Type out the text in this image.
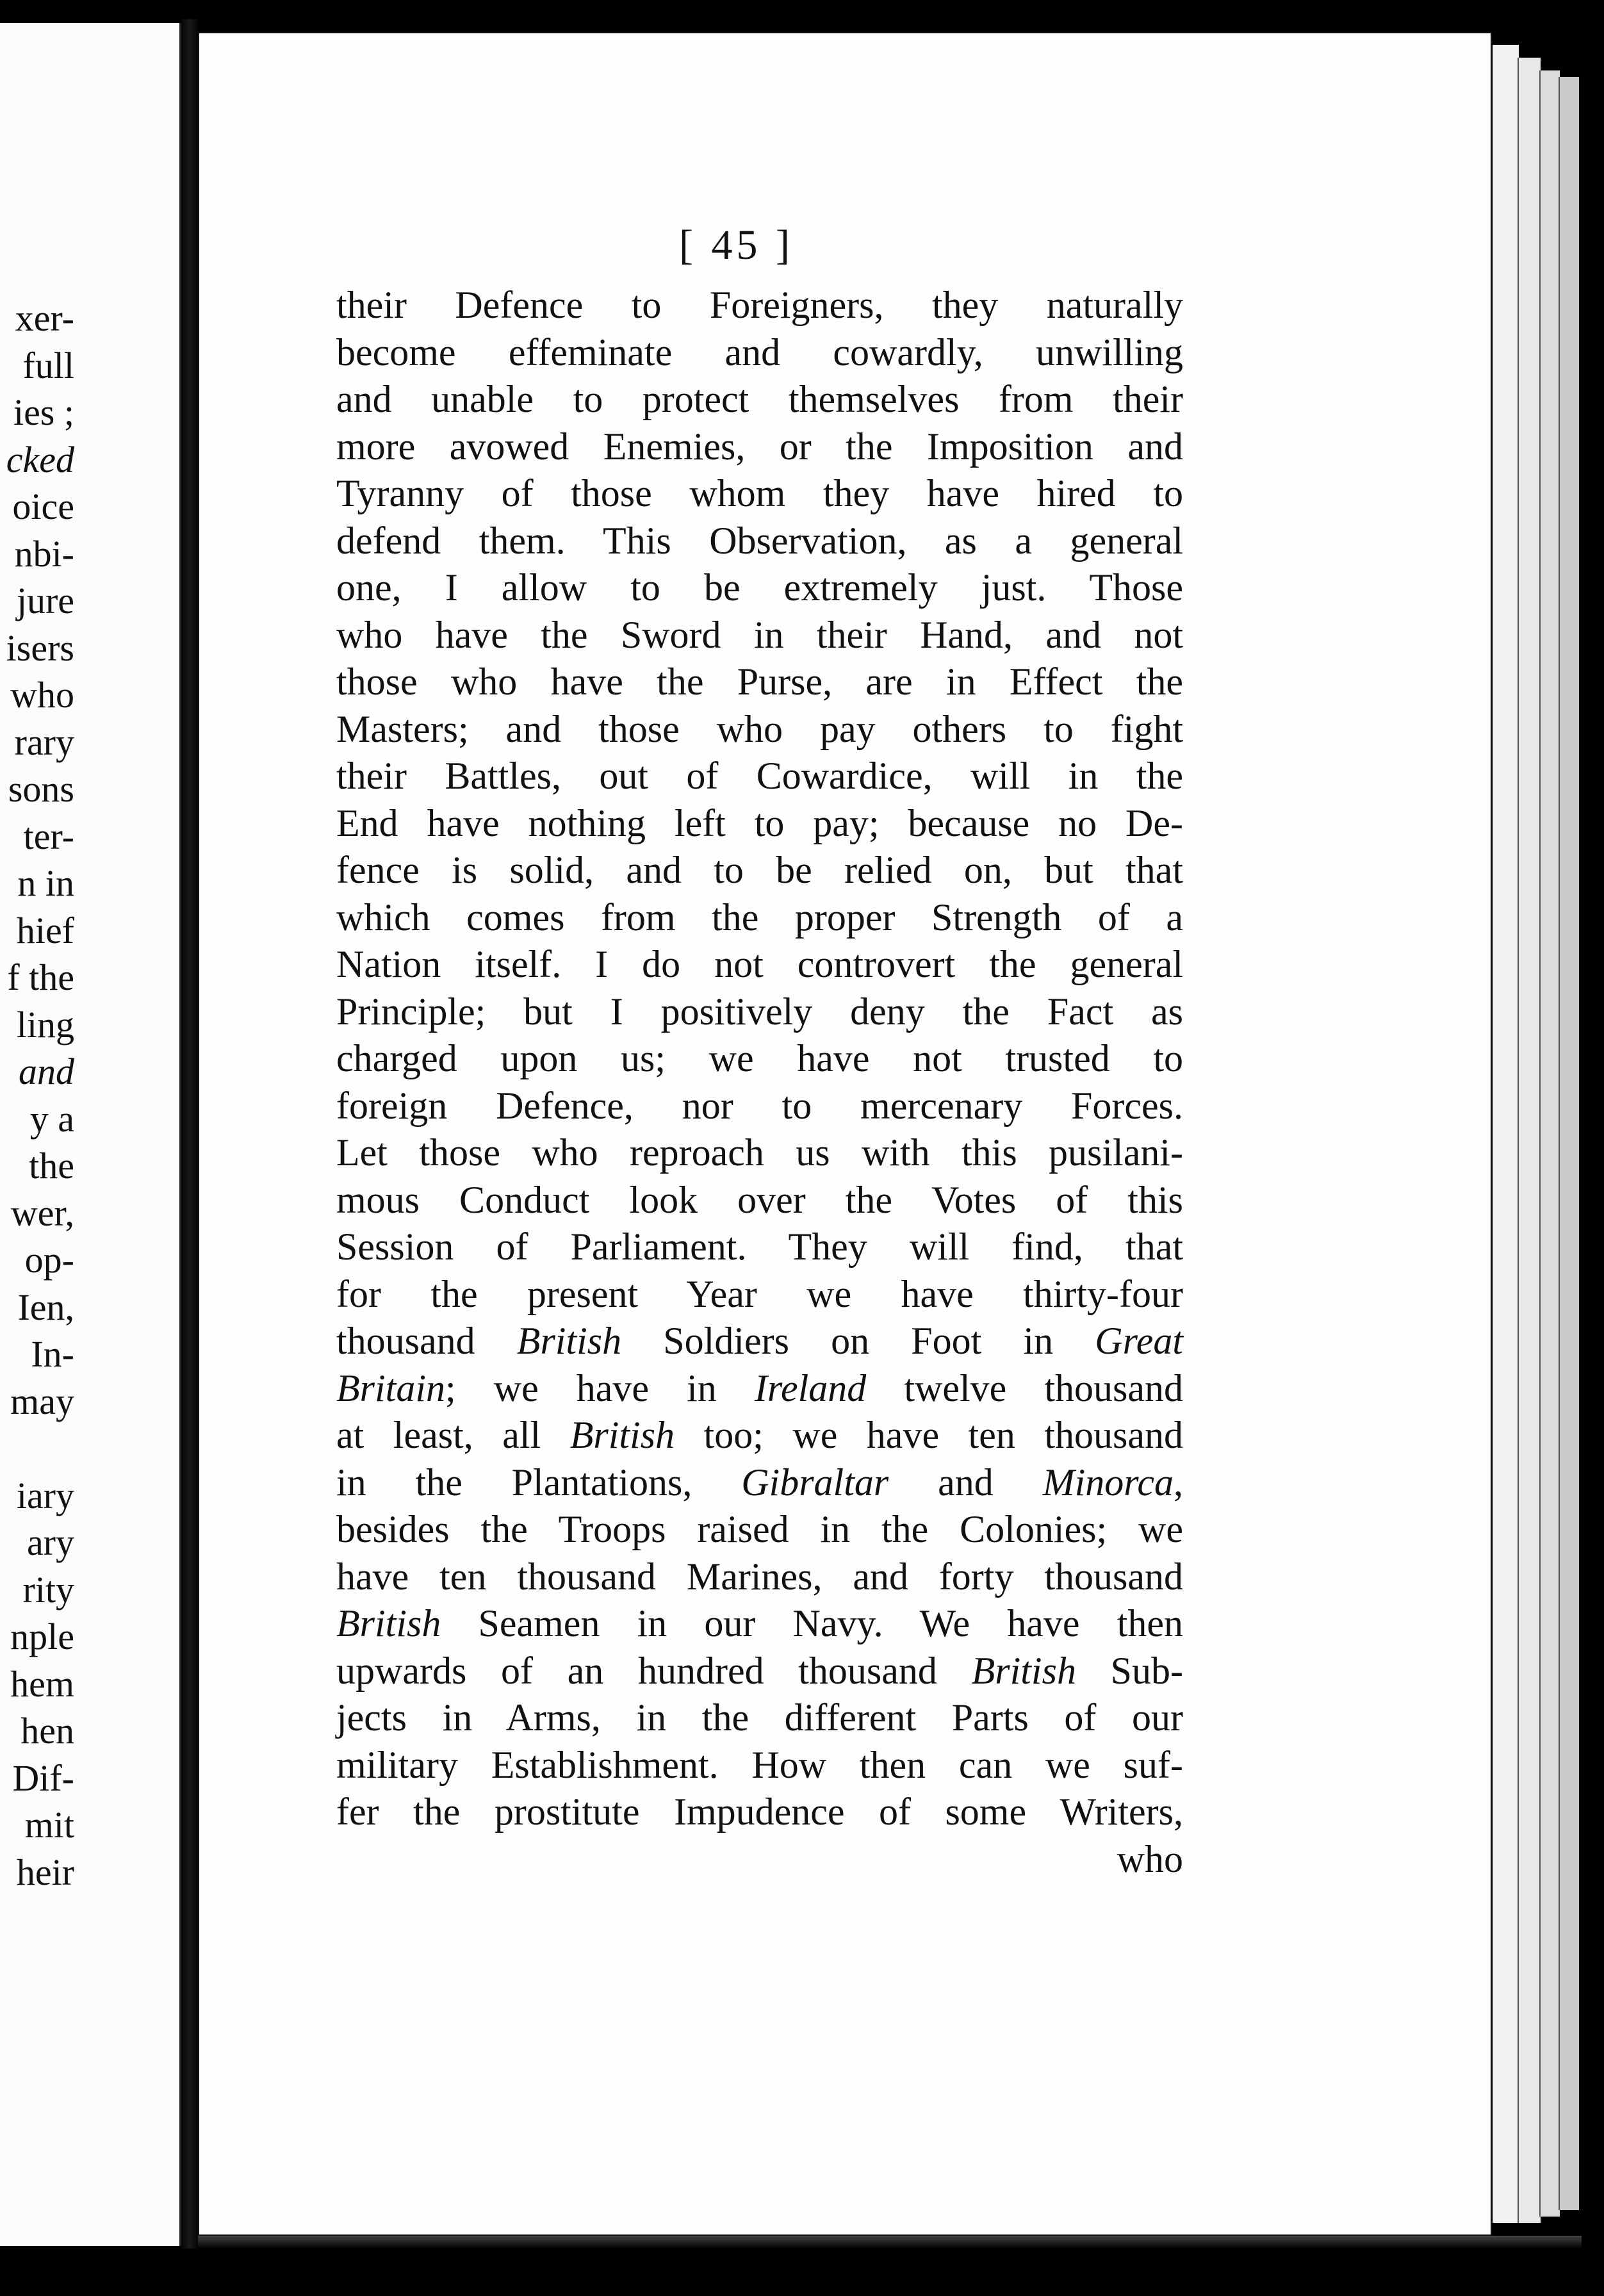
xer-
full
ies ;
cked
oice
nbi-
jure
isers
who
rary
sons
ter-
n in
hief
f the
ling
and
y a
the
wer,
op-
Ien,
In-
may
iary
ary
rity
nple
hem
hen
Dif-
mit
heir
[ 45 ]
their Defence to Foreigners, they naturally
become effeminate and cowardly, unwilling
and unable to protect themselves from their
more avowed Enemies, or the Imposition and
Tyranny of those whom they have hired to
defend them. This Observation, as a general
one, I allow to be extremely just. Those
who have the Sword in their Hand, and not
those who have the Purse, are in Effect the
Masters; and those who pay others to fight
their Battles, out of Cowardice, will in the
End have nothing left to pay; because no De-
fence is solid, and to be relied on, but that
which comes from the proper Strength of a
Nation itself. I do not controvert the general
Principle; but I positively deny the Fact as
charged upon us; we have not trusted to
foreign Defence, nor to mercenary Forces.
Let those who reproach us with this pusilani-
mous Conduct look over the Votes of this
Session of Parliament. They will find, that
for the present Year we have thirty-four
thousand British Soldiers on Foot in Great
Britain; we have in Ireland twelve thousand
at least, all British too; we have ten thousand
in the Plantations, Gibraltar and Minorca,
besides the Troops raised in the Colonies; we
have ten thousand Marines, and forty thousand
British Seamen in our Navy. We have then
upwards of an hundred thousand British Sub-
jects in Arms, in the different Parts of our
military Establishment. How then can we suf-
fer the prostitute Impudence of some Writers,
who
